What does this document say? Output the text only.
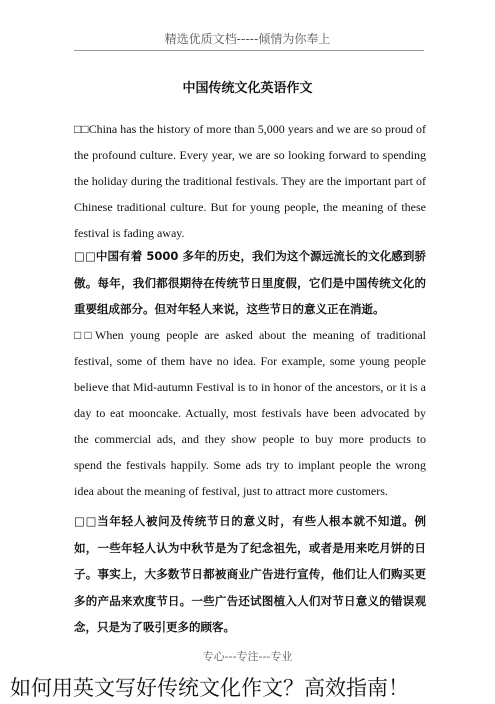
精选优质文档-----倾情为你奉上
中国传统文化英语作文
□□China has the history of more than 5,000 years and we are so proud of the profound culture. Every year, we are so looking forward to spending the holiday during the traditional festivals. They are the important part of Chinese traditional culture. But for young people, the meaning of these festival is fading away.
□□中国有着 5000 多年的历史，我们为这个源远流长的文化感到骄傲。每年，我们都很期待在传统节日里度假，它们是中国传统文化的重要组成部分。但对年轻人来说，这些节日的意义正在消逝。
□□When young people are asked about the meaning of traditional festival, some of them have no idea. For example, some young people believe that Mid-autumn Festival is to in honor of the ancestors, or it is a day to eat mooncake. Actually, most festivals have been advocated by the commercial ads, and they show people to buy more products to spend the festivals happily. Some ads try to implant people the wrong idea about the meaning of festival, just to attract more customers.
□□当年轻人被问及传统节日的意义时，有些人根本就不知道。例如，一些年轻人认为中秋节是为了纪念祖先，或者是用来吃月饼的日子。事实上，大多数节日都被商业广告进行宣传，他们让人们购买更多的产品来欢度节日。一些广告还试图植入人们对节日意义的错误观念，只是为了吸引更多的顾客。
专心---专注---专业
如何用英文写好传统文化作文？高效指南！
